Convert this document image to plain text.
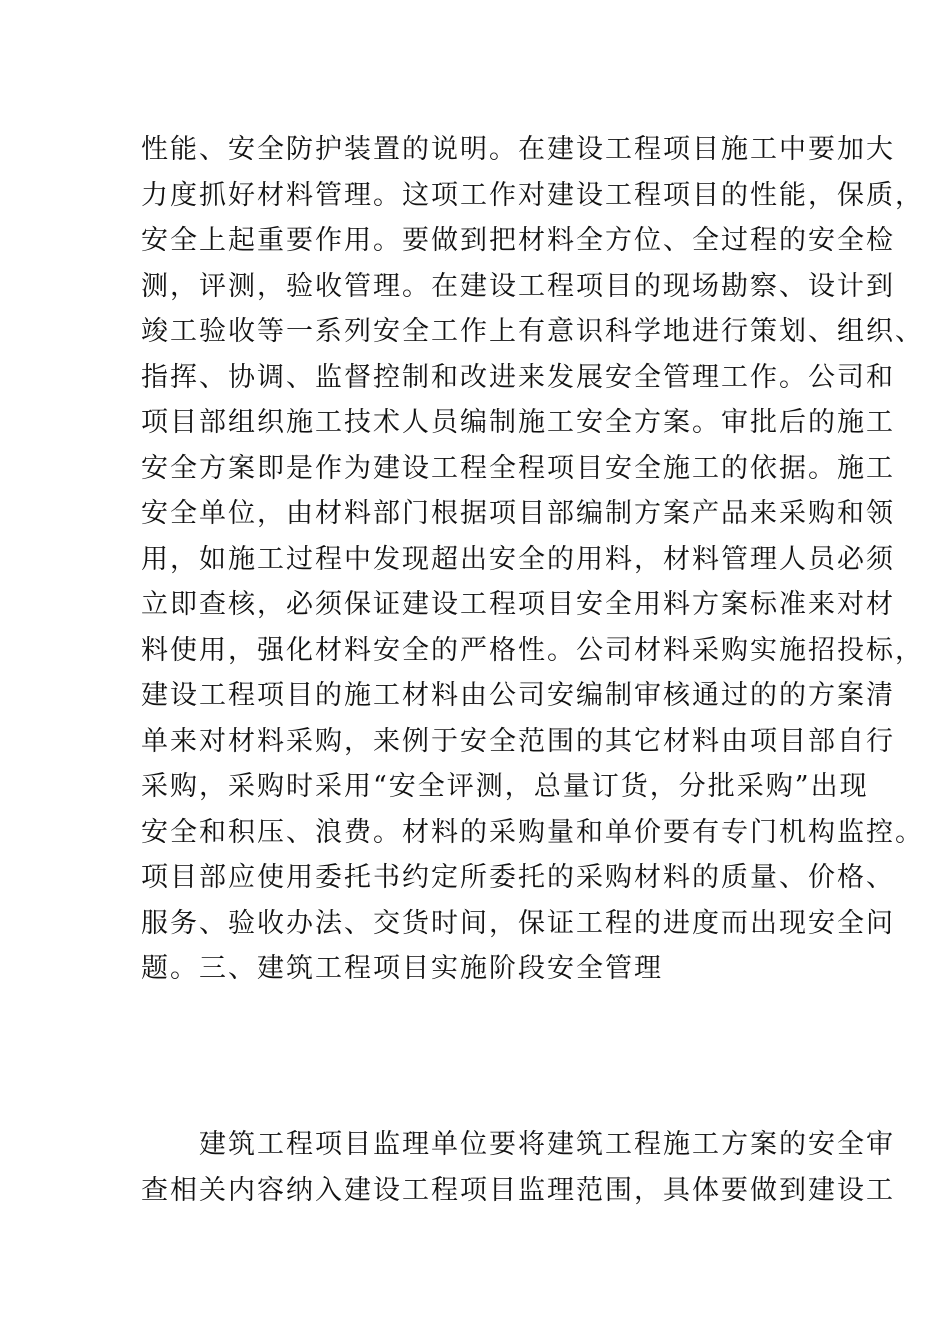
性能、安全防护装置的说明。在建设工程项目施工中要加大
力度抓好材料管理。这项工作对建设工程项目的性能，保质，
安全上起重要作用。要做到把材料全方位、全过程的安全检
测，评测，验收管理。在建设工程项目的现场勘察、设计到
竣工验收等一系列安全工作上有意识科学地进行策划、组织、
指挥、协调、监督控制和改进来发展安全管理工作。公司和
项目部组织施工技术人员编制施工安全方案。审批后的施工
安全方案即是作为建设工程全程项目安全施工的依据。施工
安全单位，由材料部门根据项目部编制方案产品来采购和领
用，如施工过程中发现超出安全的用料，材料管理人员必须
立即查核，必须保证建设工程项目安全用料方案标准来对材
料使用，强化材料安全的严格性。公司材料采购实施招投标，
建设工程项目的施工材料由公司安编制审核通过的的方案清
单来对材料采购，来例于安全范围的其它材料由项目部自行
采购，采购时采用“安全评测，总量订货，分批采购”出现
安全和积压、浪费。材料的采购量和单价要有专门机构监控。
项目部应使用委托书约定所委托的采购材料的质量、价格、
服务、验收办法、交货时间，保证工程的进度而出现安全问
题。三、建筑工程项目实施阶段安全管理
建筑工程项目监理单位要将建筑工程施工方案的安全审
查相关内容纳入建设工程项目监理范围，具体要做到建设工
